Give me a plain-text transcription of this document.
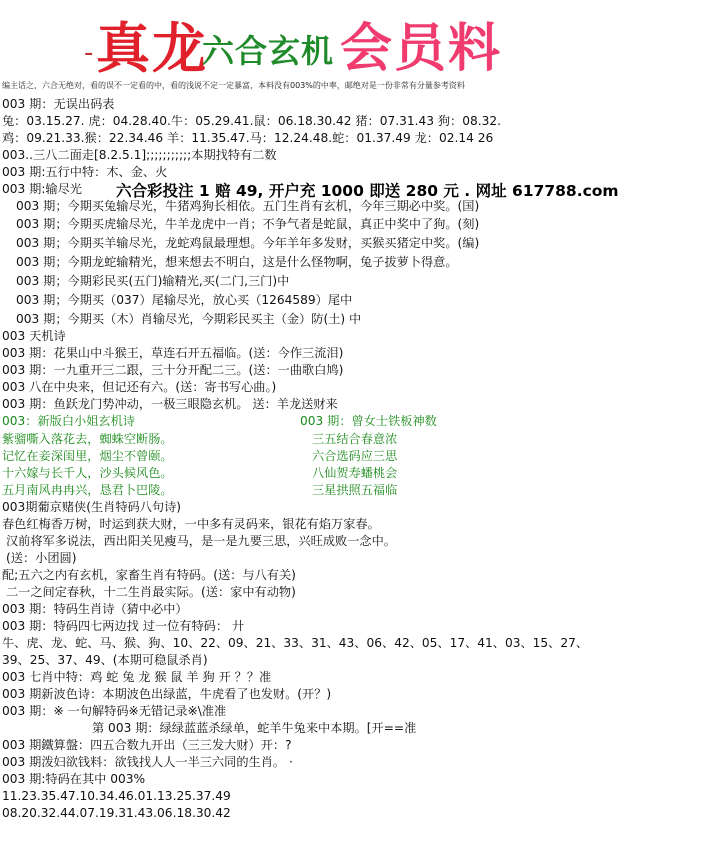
- 真龙
六合玄机 会员料
编主话之，六合无绝对，看的误不一定看的中，看的浅说不定一定暴富，本料没有003%的中率，邮绝对是一份非常有分量参考资料
003 期：无误出码表
兔：03.15.27. 虎：04.28.40.牛：05.29.41.鼠：06.18.30.42 猪：07.31.43 狗：08.32.
鸡：09.21.33.猴：22.34.46 羊：11.35.47.马：12.24.48.蛇：01.37.49 龙：02.14 26
003..三八二面走[8.2.5.1];;;;;;;;;;;本期找特有二数
003 期:五行中特：木、金、火
003 期:输尽光 六合彩投注 1 赔 49, 开户充 1000 即送 280 元 . 网址 617788.com
003 期；今期买兔输尽光，牛猪鸡狗长相依。五门生肖有玄机，今年三期必中奖。(国)
003 期；今期买虎输尽光，牛羊龙虎中一肖；不争气者是蛇鼠，真正中奖中了狗。(刻)
003 期；今期买羊输尽光，龙蛇鸡鼠最理想。今年羊年多发财，买猴买猪定中奖。(编)
003 期；今期龙蛇输精光，想来想去不明白，这是什么怪物啊，兔子拔萝卜得意。
003 期；今期彩民买(五门)输精光,买(二门,三门)中
003 期；今期买（037）尾输尽光，放心买（1264589）尾中
003 期；今期买（木）肖输尽光，今期彩民买主（金）防(土) 中
003 天机诗
003 期：花果山中斗猴王，草连石开五福临。(送：今作三流泪)
003 期：一九重开三二跟，三十分开配二三。(送：一曲歌白鸠)
003 八在中央来，但记还有六。(送：寄书写心曲。)
003 期：鱼跃龙门势冲动，一极三眼隐玄机。 送：羊龙送财来
003：新版白小姐玄机诗	003 期：曾女士铁板神数
紫骝嘶入落花去，蜘蛛空断肠。	三五结合春意浓
记忆在妾深闺里，烟尘不曾颐。	六合选码应三思
十六嫁与长千人，沙头候风色。	八仙贺寿蟠桃会
五月南风冉冉兴，恳君卜巴陵。	三星拱照五福临
003期葡京赌侠(生肖特码八句诗)
春色红梅香万树，时运到获大财，一中多有灵码来，银花有焰万家春。
汉前将军多说法，西出阳关见瘦马，是一是九要三思，兴旺成败一念中。
(送：小团圆)
配;五六之内有玄机，家畜生肖有特码。(送：与八有关)
二一之间定春秋，十二生肖最实际。(送：家中有动物)
003 期：特码生肖诗（猜中必中）
003 期：特码四七两边找 过一位有特码： 廾
牛、虎、龙、蛇、马、猴、狗、10、22、09、21、33、31、43、06、42、05、17、41、03、15、27、
39、25、37、49、(本期可稳鼠杀肖)
003 七肖中特：鸡 蛇 兔 龙 猴 鼠 羊 狗 开 ？？准
003 期新波色诗：本期波色出绿蓝，牛虎看了也发财。(开？)
003 期：※ 一句解特码※无错记录※\准准
第 003 期：绿绿蓝蓝杀绿单，蛇羊牛兔来中本期。[开==准
003 期鐵算盤：四五合数九开出（三三发大财）开：?
003 期泼妇欲钱料：欲钱找人人一半三六同的生肖。 ·
003 期:特码在其中 003%
11.23.35.47.10.34.46.01.13.25.37.49
08.20.32.44.07.19.31.43.06.18.30.42
